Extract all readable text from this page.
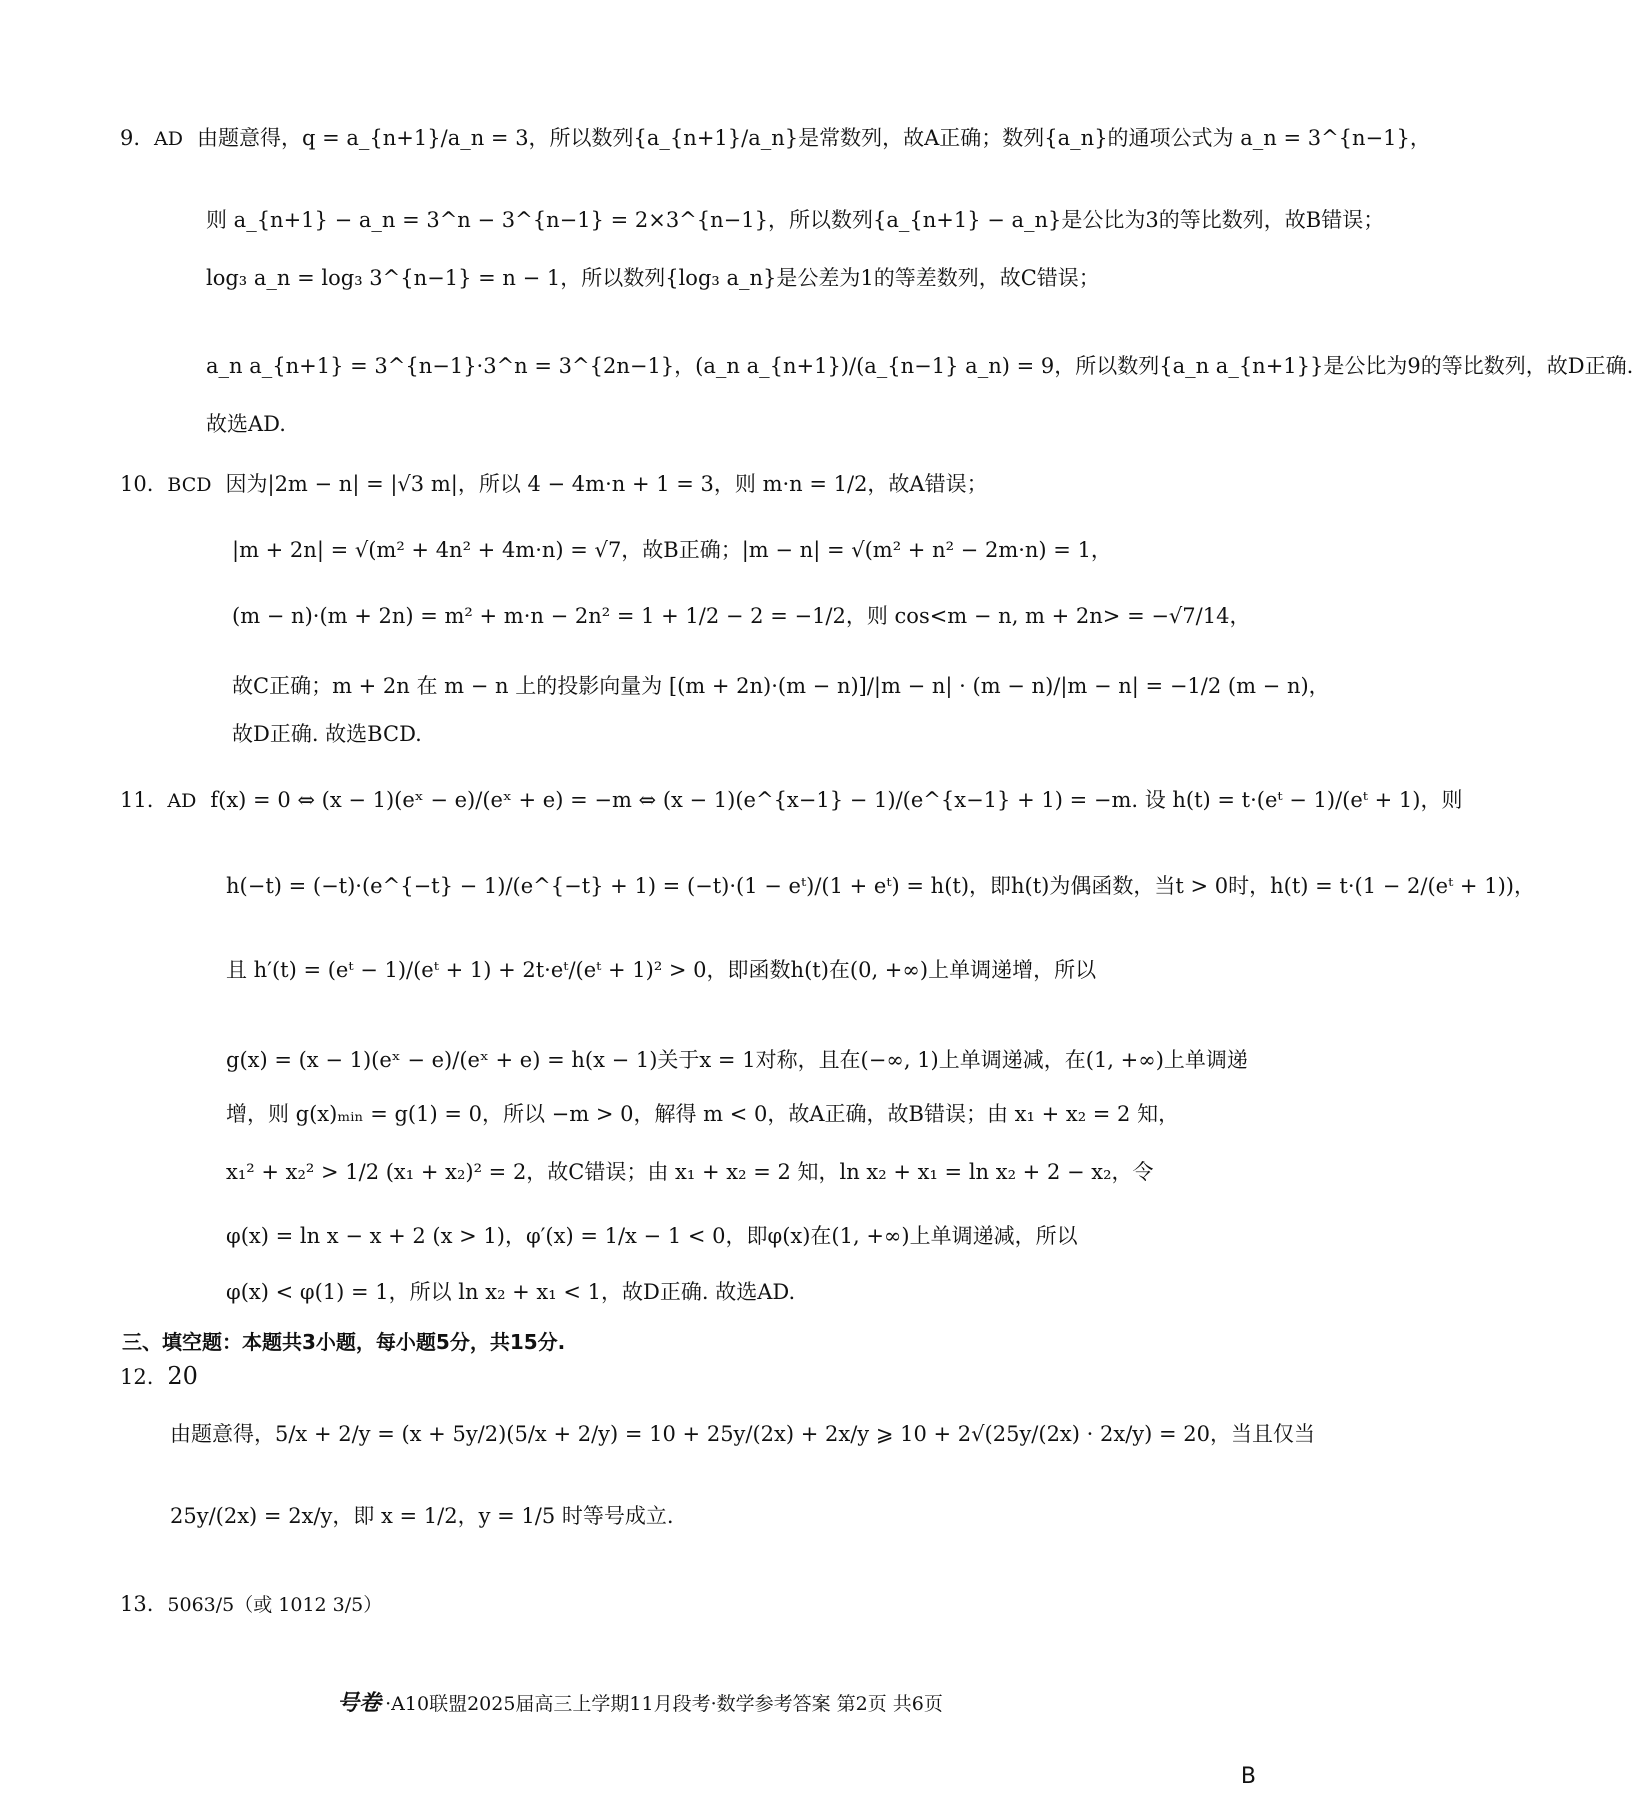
9. AD 由题意得，q = a_{n+1}/a_n = 3，所以数列{a_{n+1}/a_n}是常数列，故A正确；数列{a_n}的通项公式为 a_n = 3^{n−1}，
则 a_{n+1} − a_n = 3^n − 3^{n−1} = 2×3^{n−1}，所以数列{a_{n+1} − a_n}是公比为3的等比数列，故B错误；
log₃ a_n = log₃ 3^{n−1} = n − 1，所以数列{log₃ a_n}是公差为1的等差数列，故C错误；
a_n a_{n+1} = 3^{n−1}·3^n = 3^{2n−1}，(a_n a_{n+1})/(a_{n−1} a_n) = 9，所以数列{a_n a_{n+1}}是公比为9的等比数列，故D正确.
故选AD.
10. BCD 因为|2m − n| = |√3 m|，所以 4 − 4m·n + 1 = 3，则 m·n = 1/2，故A错误；
|m + 2n| = √(m² + 4n² + 4m·n) = √7，故B正确；|m − n| = √(m² + n² − 2m·n) = 1，
(m − n)·(m + 2n) = m² + m·n − 2n² = 1 + 1/2 − 2 = −1/2，则 cos<m − n, m + 2n> = −√7/14，
故C正确；m + 2n 在 m − n 上的投影向量为 [(m + 2n)·(m − n)]/|m − n| · (m − n)/|m − n| = −1/2 (m − n)，
故D正确. 故选BCD.
11. AD f(x) = 0 ⇔ (x − 1)(eˣ − e)/(eˣ + e) = −m ⇔ (x − 1)(e^{x−1} − 1)/(e^{x−1} + 1) = −m. 设 h(t) = t·(eᵗ − 1)/(eᵗ + 1)，则
h(−t) = (−t)·(e^{−t} − 1)/(e^{−t} + 1) = (−t)·(1 − eᵗ)/(1 + eᵗ) = h(t)，即h(t)为偶函数，当t > 0时，h(t) = t·(1 − 2/(eᵗ + 1))，
且 h′(t) = (eᵗ − 1)/(eᵗ + 1) + 2t·eᵗ/(eᵗ + 1)² > 0，即函数h(t)在(0, +∞)上单调递增，所以
g(x) = (x − 1)(eˣ − e)/(eˣ + e) = h(x − 1)关于x = 1对称，且在(−∞, 1)上单调递减，在(1, +∞)上单调递
增，则 g(x)ₘᵢₙ = g(1) = 0，所以 −m > 0，解得 m < 0，故A正确，故B错误；由 x₁ + x₂ = 2 知，
x₁² + x₂² > 1/2 (x₁ + x₂)² = 2，故C错误；由 x₁ + x₂ = 2 知，ln x₂ + x₁ = ln x₂ + 2 − x₂，令
φ(x) = ln x − x + 2 (x > 1)，φ′(x) = 1/x − 1 < 0，即φ(x)在(1, +∞)上单调递减，所以
φ(x) < φ(1) = 1，所以 ln x₂ + x₁ < 1，故D正确. 故选AD.
三、填空题：本题共3小题，每小题5分，共15分.
12. 20
由题意得，5/x + 2/y = (x + 5y/2)(5/x + 2/y) = 10 + 25y/(2x) + 2x/y ⩾ 10 + 2√(25y/(2x) · 2x/y) = 20，当且仅当
25y/(2x) = 2x/y，即 x = 1/2，y = 1/5 时等号成立.
13. 5063/5（或 1012 3/5）
号卷 ·A10联盟2025届高三上学期11月段考·数学参考答案 第2页 共6页
B
